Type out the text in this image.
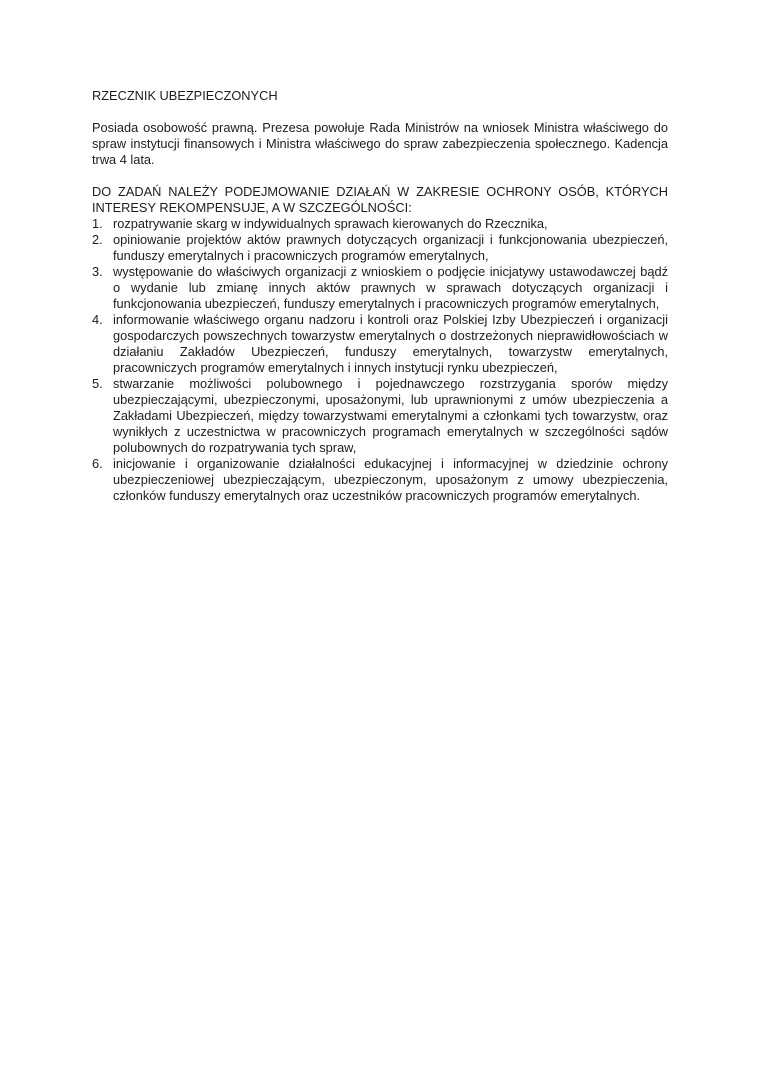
RZECZNIK UBEZPIECZONYCH

Posiada osobowość prawną. Prezesa powołuje Rada Ministrów na wniosek Ministra właściwego do spraw instytucji finansowych i Ministra właściwego do spraw zabezpieczenia społecznego. Kadencja trwa 4 lata.

DO ZADAŃ NALEŻY PODEJMOWANIE DZIAŁAŃ W ZAKRESIE OCHRONY OSÓB, KTÓRYCH INTERESY REKOMPENSUJE, A W SZCZEGÓLNOŚCI:

1. rozpatrywanie skarg w indywidualnych sprawach kierowanych do Rzecznika,
2. opiniowanie projektów aktów prawnych dotyczących organizacji i funkcjonowania ubezpieczeń, funduszy emerytalnych i pracowniczych programów emerytalnych,
3. występowanie do właściwych organizacji z wnioskiem o podjęcie inicjatywy ustawodawczej bądź o wydanie lub zmianę innych aktów prawnych w sprawach dotyczących organizacji i funkcjonowania ubezpieczeń, funduszy emerytalnych i pracowniczych programów emerytalnych,
4. informowanie właściwego organu nadzoru i kontroli oraz Polskiej Izby Ubezpieczeń i organizacji gospodarczych powszechnych towarzystw emerytalnych o dostrzeżonych nieprawidłowościach w działaniu Zakładów Ubezpieczeń, funduszy emerytalnych, towarzystw emerytalnych, pracowniczych programów emerytalnych i innych instytucji rynku ubezpieczeń,
5. stwarzanie możliwości polubownego i pojednawczego rozstrzygania sporów między ubezpieczającymi, ubezpieczonymi, uposażonymi, lub uprawnionymi z umów ubezpieczenia a Zakładami Ubezpieczeń, między towarzystwami emerytalnymi a członkami tych towarzystw, oraz wynikłych z uczestnictwa w pracowniczych programach emerytalnych w szczególności sądów polubownych do rozpatrywania tych spraw,
6. inicjowanie i organizowanie działalności edukacyjnej i informacyjnej w dziedzinie ochrony ubezpieczeniowej ubezpieczającym, ubezpieczonym, uposażonym z umowy ubezpieczenia, członków funduszy emerytalnych oraz uczestników pracowniczych programów emerytalnych.
